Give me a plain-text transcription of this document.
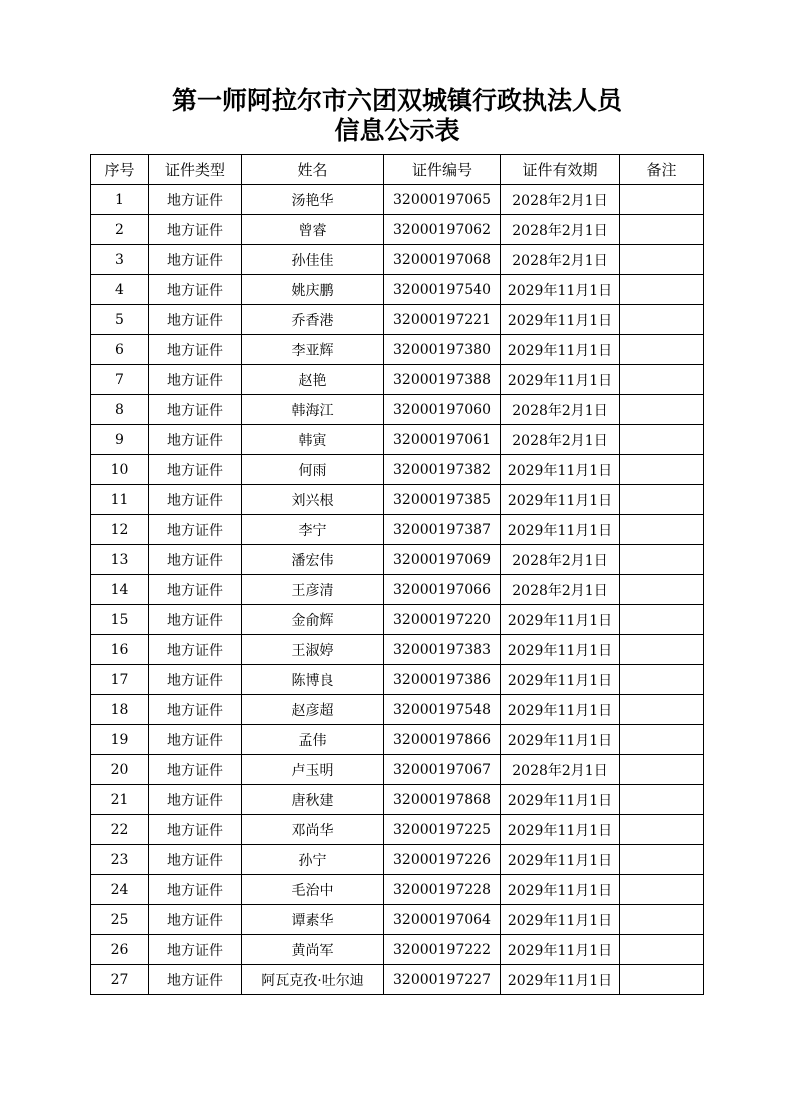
第一师阿拉尔市六团双城镇行政执法人员
信息公示表
序号	证件类型	姓名	证件编号	证件有效期	备注
1	地方证件	汤艳华	32000197065	2028年2月1日	
2	地方证件	曾睿	32000197062	2028年2月1日	
3	地方证件	孙佳佳	32000197068	2028年2月1日	
4	地方证件	姚庆鹏	32000197540	2029年11月1日	
5	地方证件	乔香港	32000197221	2029年11月1日	
6	地方证件	李亚辉	32000197380	2029年11月1日	
7	地方证件	赵艳	32000197388	2029年11月1日	
8	地方证件	韩海江	32000197060	2028年2月1日	
9	地方证件	韩寅	32000197061	2028年2月1日	
10	地方证件	何雨	32000197382	2029年11月1日	
11	地方证件	刘兴根	32000197385	2029年11月1日	
12	地方证件	李宁	32000197387	2029年11月1日	
13	地方证件	潘宏伟	32000197069	2028年2月1日	
14	地方证件	王彦清	32000197066	2028年2月1日	
15	地方证件	金俞辉	32000197220	2029年11月1日	
16	地方证件	王淑婷	32000197383	2029年11月1日	
17	地方证件	陈博良	32000197386	2029年11月1日	
18	地方证件	赵彦超	32000197548	2029年11月1日	
19	地方证件	孟伟	32000197866	2029年11月1日	
20	地方证件	卢玉明	32000197067	2028年2月1日	
21	地方证件	唐秋建	32000197868	2029年11月1日	
22	地方证件	邓尚华	32000197225	2029年11月1日	
23	地方证件	孙宁	32000197226	2029年11月1日	
24	地方证件	毛治中	32000197228	2029年11月1日	
25	地方证件	谭素华	32000197064	2029年11月1日	
26	地方证件	黄尚军	32000197222	2029年11月1日	
27	地方证件	阿瓦克孜·吐尔迪	32000197227	2029年11月1日	
